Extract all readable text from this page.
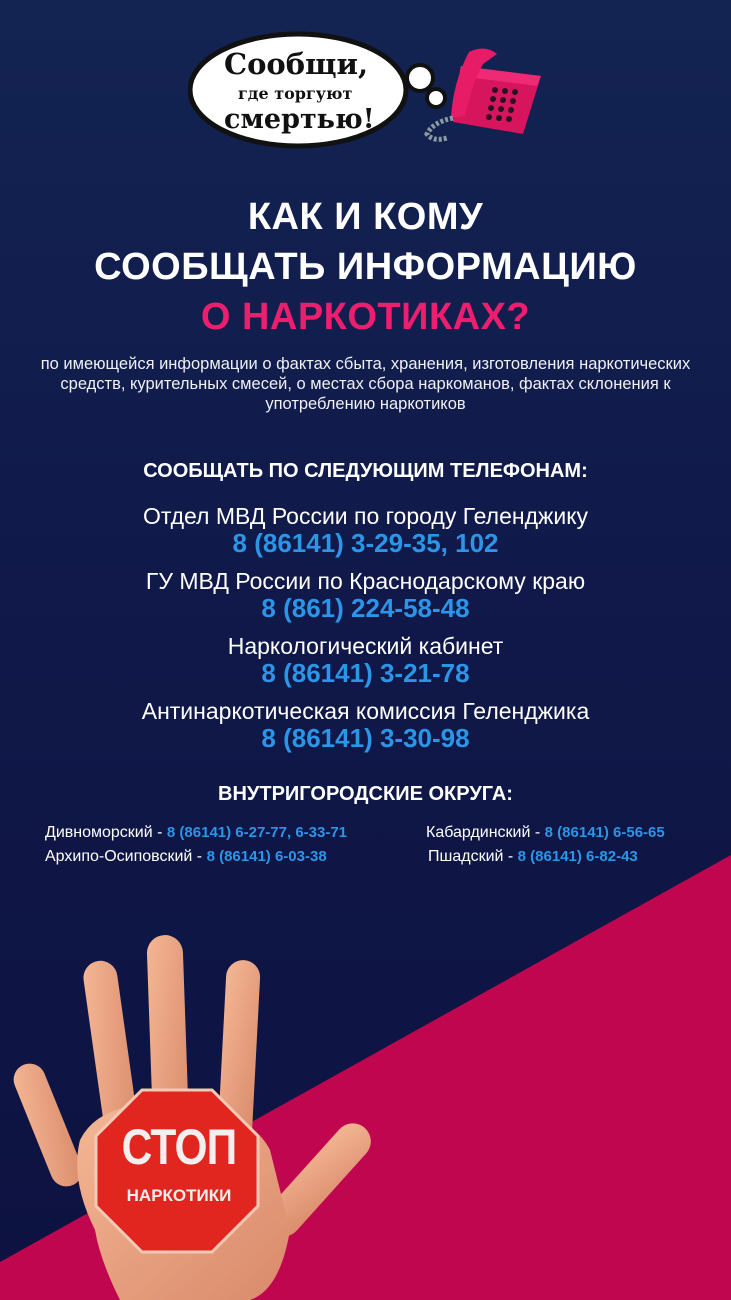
Сообщи,
где торгуют
смертью!
КАК И КОМУ
СООБЩАТЬ ИНФОРМАЦИЮ
О НАРКОТИКАХ?
по имеющейся информации о фактах сбыта, хранения, изготовления наркотических средств, курительных смесей, о местах сбора наркоманов, фактах склонения к употреблению наркотиков
СООБЩАТЬ ПО СЛЕДУЮЩИМ ТЕЛЕФОНАМ:
Отдел МВД России по городу Геленджику
8 (86141) 3-29-35, 102
ГУ МВД России по Краснодарскому краю
8 (861) 224-58-48
Наркологический кабинет
8 (86141) 3-21-78
Антинаркотическая комиссия Геленджика
8 (86141) 3-30-98
ВНУТРИГОРОДСКИЕ ОКРУГА:
Дивноморский - 8 (86141) 6-27-77, 6-33-71	Кабардинский - 8 (86141) 6-56-65
Архипо-Осиповский - 8 (86141) 6-03-38	Пшадский - 8 (86141) 6-82-43
СТОП
НАРКОТИКИ
